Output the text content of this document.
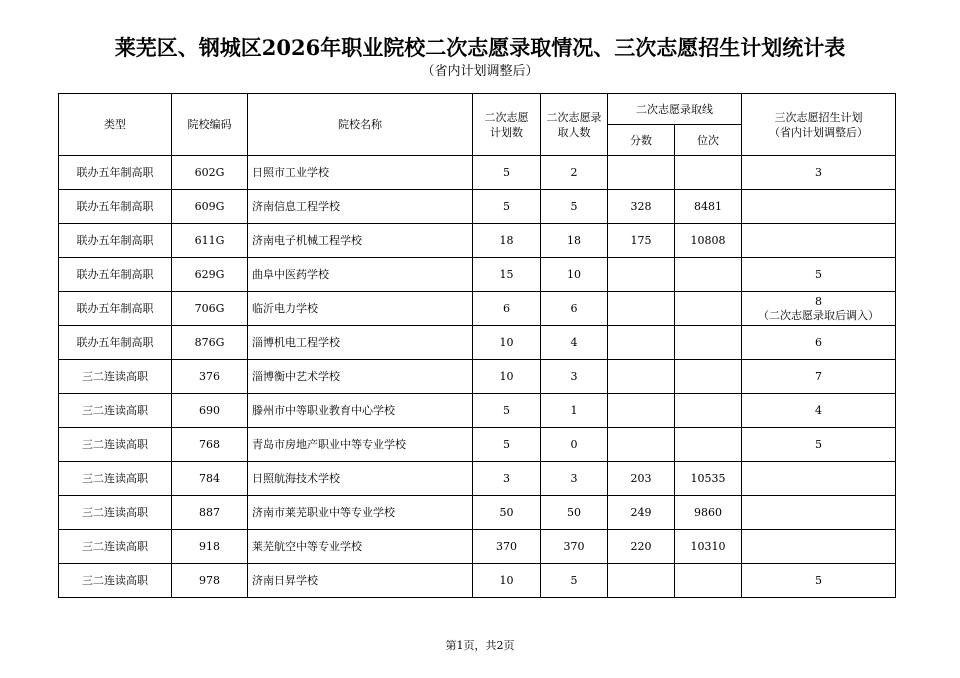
莱芜区、钢城区2026年职业院校二次志愿录取情况、三次志愿招生计划统计表
（省内计划调整后）
类型	院校编码	院校名称	二次志愿计划数	二次志愿录取人数	二次志愿录取线		三次志愿招生计划
（省内计划调整后）

					分数	位次	
联办五年制高职	602G	日照市工业学校	5	2			3
联办五年制高职	609G	济南信息工程学校	5	5	328	8481	
联办五年制高职	611G	济南电子机械工程学校	18	18	175	10808	
联办五年制高职	629G	曲阜中医药学校	15	10			5
联办五年制高职	706G	临沂电力学校	6	6			8
（二次志愿录取后调入）

联办五年制高职	876G	淄博机电工程学校	10	4			6
三二连读高职	376	淄博衡中艺术学校	10	3			7
三二连读高职	690	滕州市中等职业教育中心学校	5	1			4
三二连读高职	768	青岛市房地产职业中等专业学校	5	0			5
三二连读高职	784	日照航海技术学校	3	3	203	10535	
三二连读高职	887	济南市莱芜职业中等专业学校	50	50	249	9860	
三二连读高职	918	莱芜航空中等专业学校	370	370	220	10310	
三二连读高职	978	济南日昇学校	10	5			5
第1页，共2页
